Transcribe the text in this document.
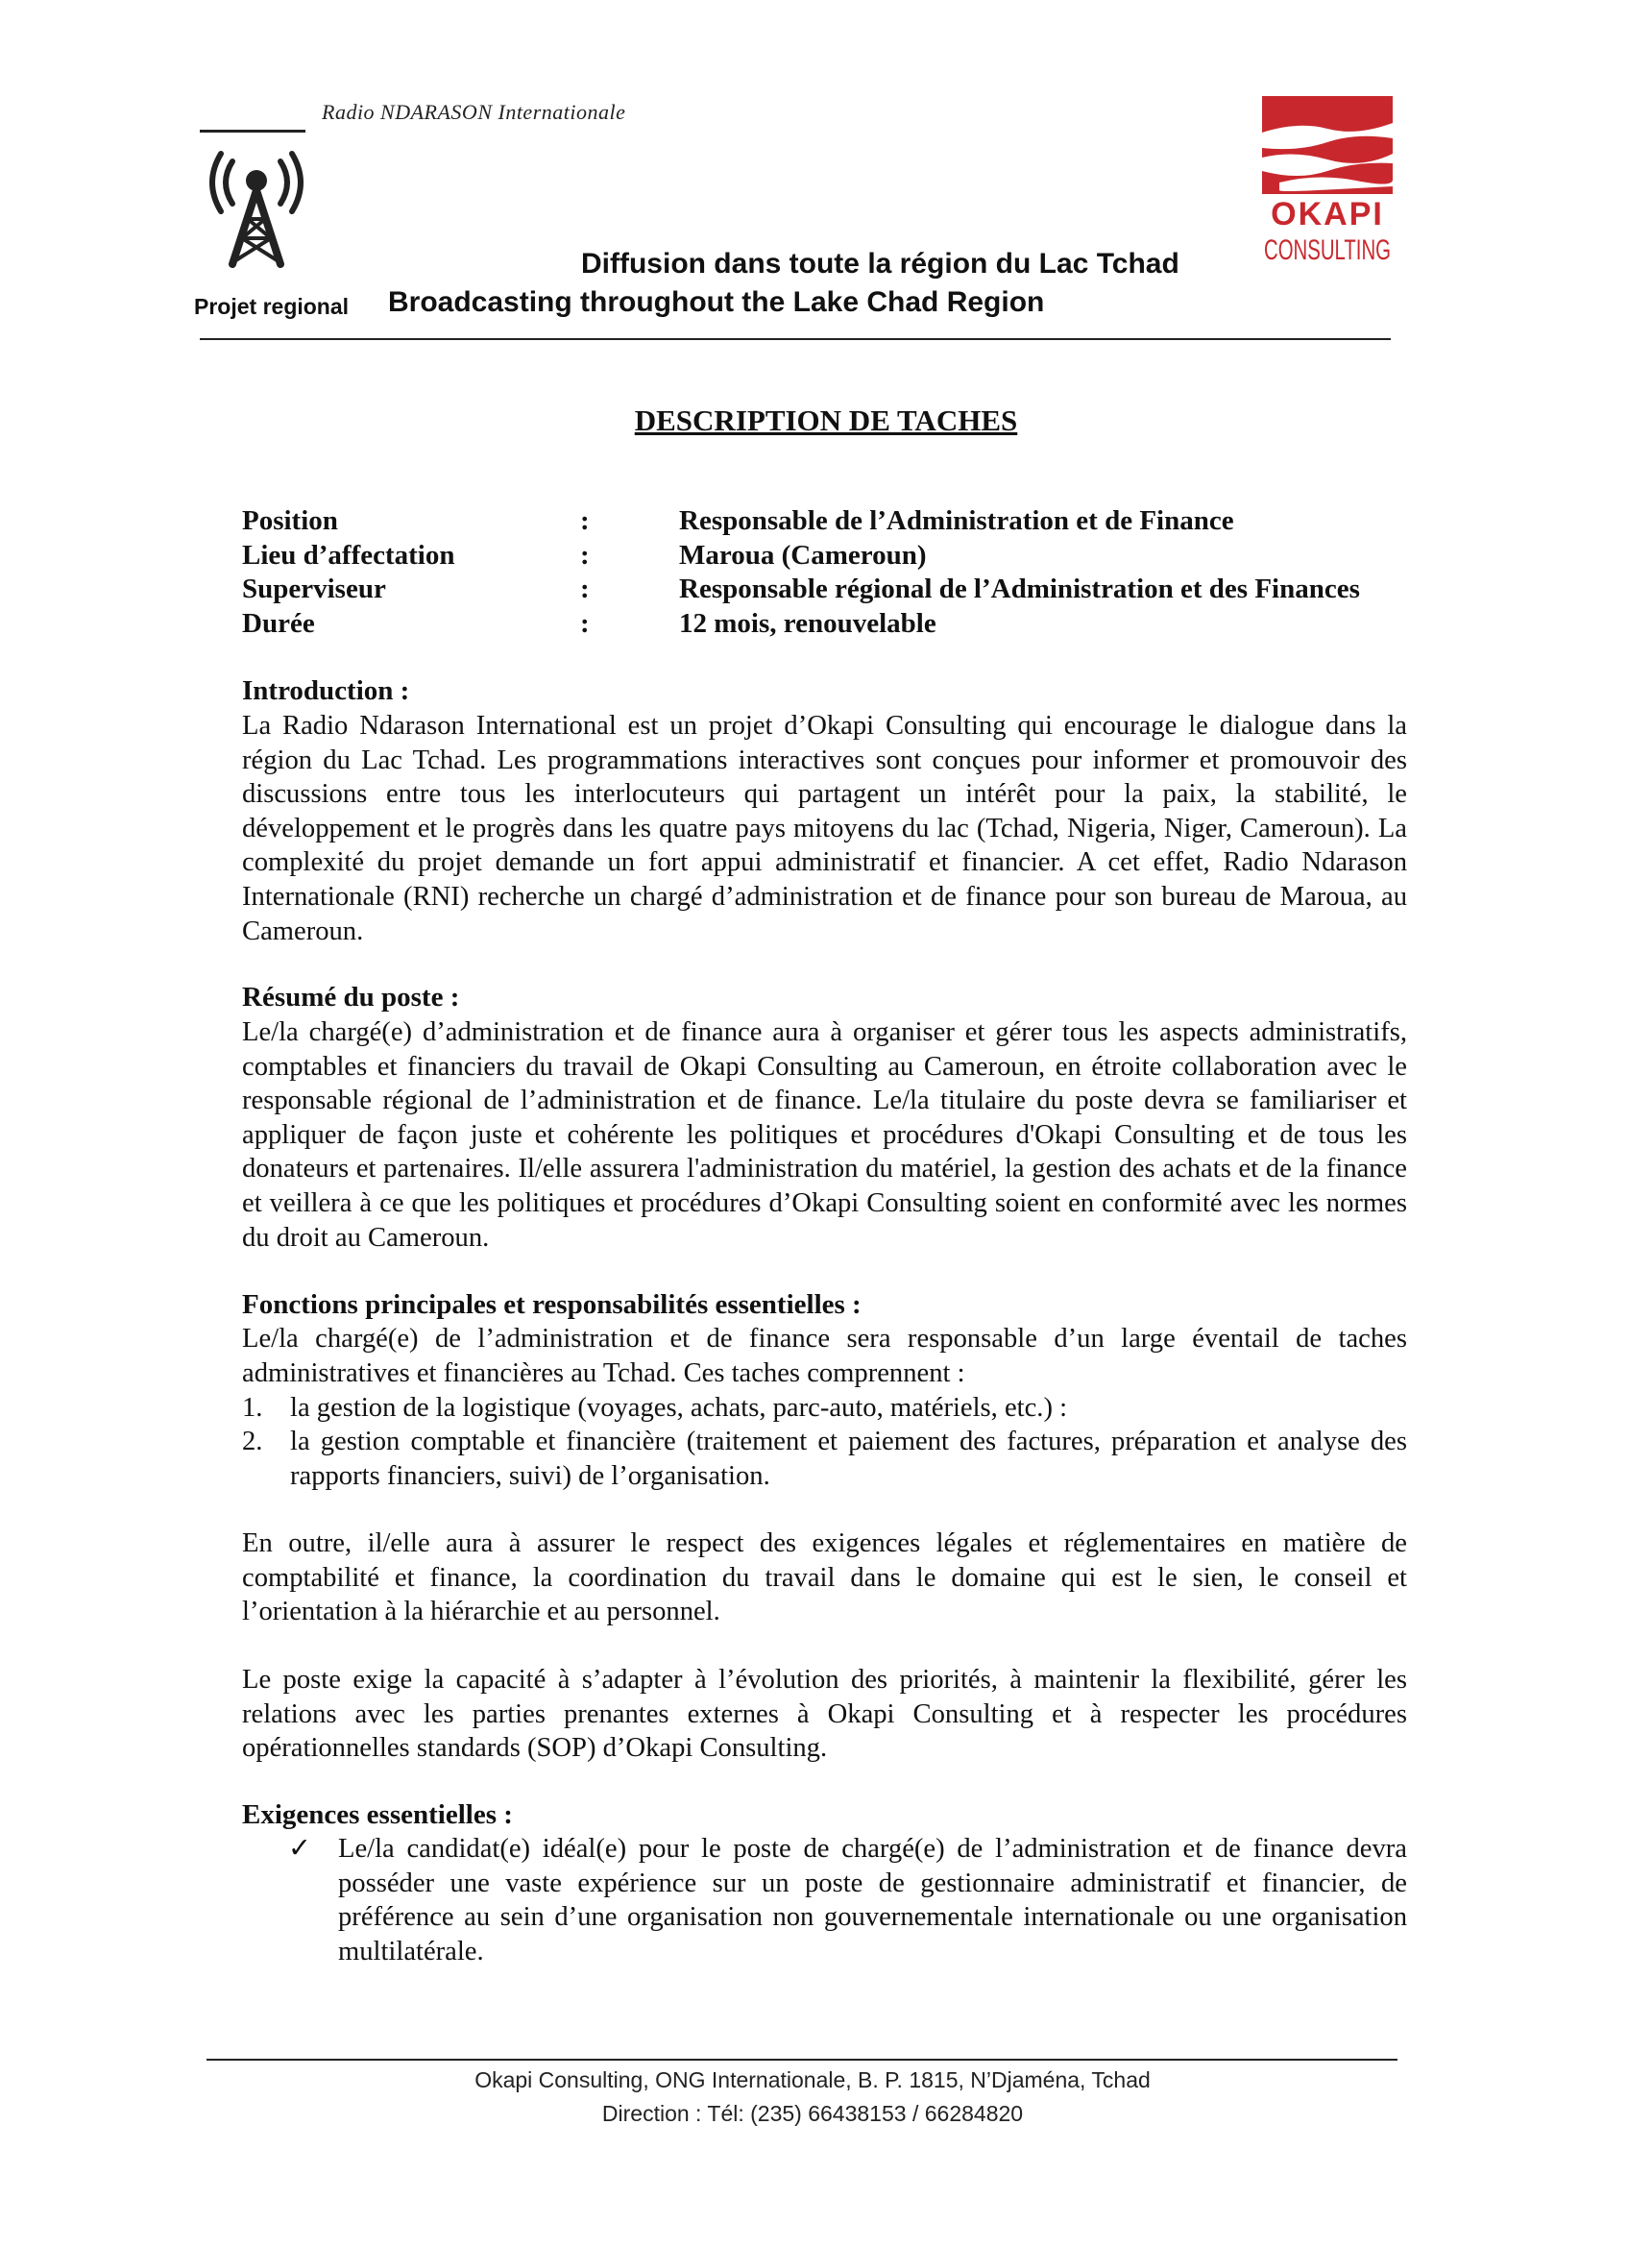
Radio NDARASON Internationale
OKAPI
CONSULTING
Diffusion dans toute la région du Lac Tchad
Projet regional Broadcasting throughout the Lake Chad Region
DESCRIPTION DE TACHES
Position	:	Responsable de l’Administration et de Finance
Lieu d’affectation	:	Maroua (Cameroun)
Superviseur	:	Responsable régional de l’Administration et des Finances
Durée	:	12 mois, renouvelable
Introduction :
La Radio Ndarason International est un projet d’Okapi Consulting qui encourage le dialogue dans la région du Lac Tchad. Les programmations interactives sont conçues pour informer et promouvoir des discussions entre tous les interlocuteurs qui partagent un intérêt pour la paix, la stabilité, le développement et le progrès dans les quatre pays mitoyens du lac (Tchad, Nigeria, Niger, Cameroun). La complexité du projet demande un fort appui administratif et financier. A cet effet, Radio Ndarason Internationale (RNI) recherche un chargé d’administration et de finance pour son bureau de Maroua, au Cameroun.
Résumé du poste :
Le/la chargé(e) d’administration et de finance aura à organiser et gérer tous les aspects administratifs, comptables et financiers du travail de Okapi Consulting au Cameroun, en étroite collaboration avec le responsable régional de l’administration et de finance. Le/la titulaire du poste devra se familiariser et appliquer de façon juste et cohérente les politiques et procédures d'Okapi Consulting et de tous les donateurs et partenaires. Il/elle assurera l'administration du matériel, la gestion des achats et de la finance et veillera à ce que les politiques et procédures d’Okapi Consulting soient en conformité avec les normes du droit au Cameroun.
Fonctions principales et responsabilités essentielles :
Le/la chargé(e) de l’administration et de finance sera responsable d’un large éventail de taches administratives et financières au Tchad. Ces taches comprennent :
1. la gestion de la logistique (voyages, achats, parc-auto, matériels, etc.) :
2. la gestion comptable et financière (traitement et paiement des factures, préparation et analyse des rapports financiers, suivi) de l’organisation.
En outre, il/elle aura à assurer le respect des exigences légales et réglementaires en matière de comptabilité et finance, la coordination du travail dans le domaine qui est le sien, le conseil et l’orientation à la hiérarchie et au personnel.
Le poste exige la capacité à s’adapter à l’évolution des priorités, à maintenir la flexibilité, gérer les relations avec les parties prenantes externes à Okapi Consulting et à respecter les procédures opérationnelles standards (SOP) d’Okapi Consulting.
Exigences essentielles :
✓ Le/la candidat(e) idéal(e) pour le poste de chargé(e) de l’administration et de finance devra posséder une vaste expérience sur un poste de gestionnaire administratif et financier, de préférence au sein d’une organisation non gouvernementale internationale ou une organisation multilatérale.
Okapi Consulting, ONG Internationale, B. P. 1815, N’Djaména, Tchad
Direction : Tél: (235) 66438153 / 66284820
